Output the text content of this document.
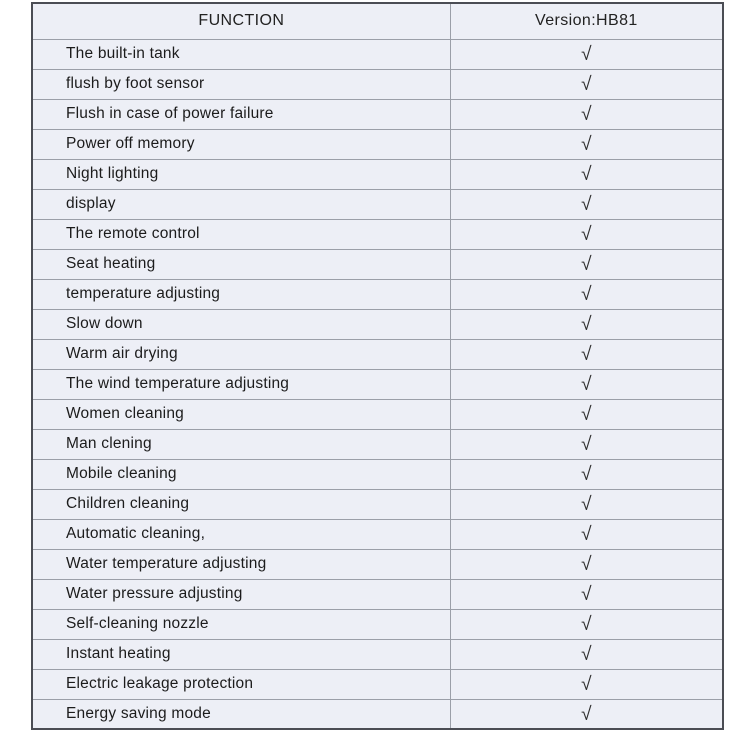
FUNCTION	Version:HB81
The built-in tank	√
flush by foot sensor	√
Flush in case of power failure	√
Power off memory	√
Night lighting	√
display	√
The remote control	√
Seat heating	√
temperature adjusting	√
Slow down	√
Warm air drying	√
The wind temperature adjusting	√
Women cleaning	√
Man clening	√
Mobile cleaning	√
Children cleaning	√
Automatic cleaning,	√
Water temperature adjusting	√
Water pressure adjusting	√
Self-cleaning nozzle	√
Instant heating	√
Electric leakage protection	√
Energy saving mode	√
